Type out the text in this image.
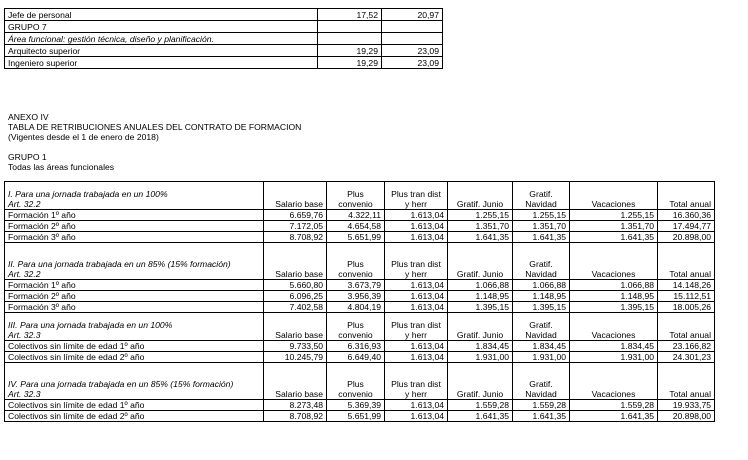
Jefe de personal	17,52	20,97
GRUPO 7		
Área funcional: gestión técnica, diseño y planificación.		
Arquitecto superior	19,29	23,09
Ingeniero superior	19,29	23,09
ANEXO IV
TABLA DE RETRIBUCIONES ANUALES DEL CONTRATO DE FORMACION
(Vigentes desde el 1 de enero de 2018)
GRUPO 1
Todas las áreas funcionales
I. Para una jornada trabajada en un 100%
Art. 32.2	Salario base	Plus convenio	Plus tran dist y herr	Gratif. Junio	Gratif. Navidad	Vacaciones	Total anual
Formación 1º año	6.659,76	4.322,11	1.613,04	1.255,15	1.255,15	1.255,15	16.360,36
Formación 2º año	7.172,05	4.654,58	1.613,04	1.351,70	1.351,70	1.351,70	17.494,77
Formación 3º año	8.708,92	5.651,99	1.613,04	1.641,35	1.641,35	1.641,35	20.898,00

II. Para una jornada trabajada en un 85% (15% formación)
Art. 32.2	Salario base	Plus convenio	Plus tran dist y herr	Gratif. Junio	Gratif. Navidad	Vacaciones	Total anual
Formación 1º año	5.660,80	3.673,79	1.613,04	1.066,88	1.066,88	1.066,88	14.148,26
Formación 2º año	6.096,25	3.956,39	1.613,04	1.148,95	1.148,95	1.148,95	15.112,51
Formación 3º año	7.402,58	4.804,19	1.613,04	1.395,15	1.395,15	1.395,15	18.005,26

III. Para una jornada trabajada en un 100%
Art. 32.3	Salario base	Plus convenio	Plus tran dist y herr	Gratif. Junio	Gratif. Navidad	Vacaciones	Total anual
Colectivos sin límite de edad 1º año	9.733,50	6.316,93	1.613,04	1.834,45	1.834,45	1.834,45	23.166,82
Colectivos sin límite de edad 2º año	10.245,79	6.649,40	1.613,04	1.931,00	1.931,00	1.931,00	24.301,23

IV. Para una jornada trabajada en un 85% (15% formación)
Art. 32.3	Salario base	Plus convenio	Plus tran dist y herr	Gratif. Junio	Gratif. Navidad	Vacaciones	Total anual
Colectivos sin límite de edad 1º año	8.273,48	5.369,39	1.613,04	1.559,28	1.559,28	1.559,28	19.933,75
Colectivos sin límite de edad 2º año	8.708,92	5.651,99	1.613,04	1.641,35	1.641,35	1.641,35	20.898,00
